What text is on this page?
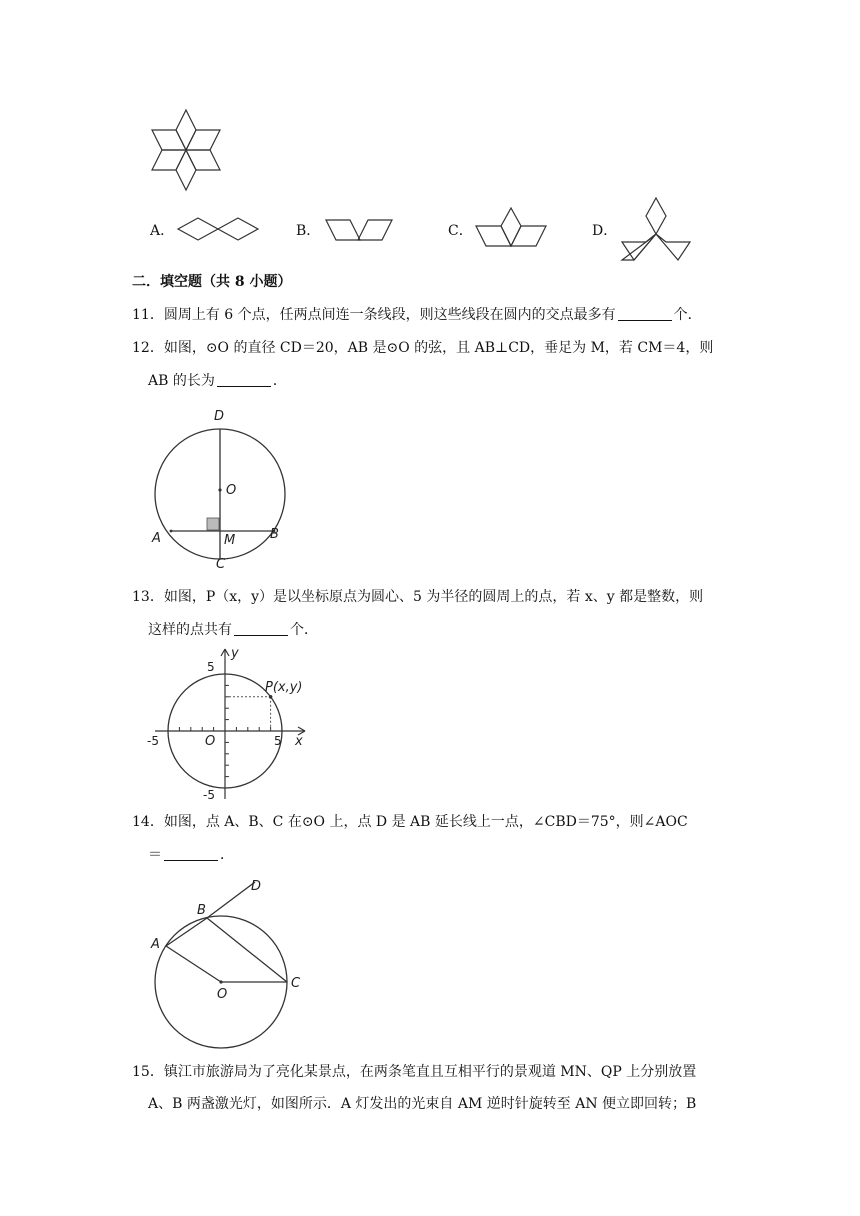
A．	B．	C．	D．
二．填空题（共 8 小题）
11．圆周上有 6 个点，任两点间连一条线段，则这些线段在圆内的交点最多有	个．
12．如图，⊙O 的直径 CD＝20，AB 是⊙O 的弦，且 AB⊥CD，垂足为 M，若 CM＝4，则
AB 的长为	．
D
O
A	M	B
C
13．如图，P（x，y）是以坐标原点为圆心、5 为半径的圆周上的点，若 x、y 都是整数，则
这样的点共有	个．
y
x
O
P(x,y)
5
5
-5
-5
14．如图，点 A、B、C 在⊙O 上，点 D 是 AB 延长线上一点，∠CBD＝75°，则∠AOC
＝	．
D
B
A
O
C
15．镇江市旅游局为了亮化某景点，在两条笔直且互相平行的景观道 MN、QP 上分别放置
A、B 两盏激光灯，如图所示．A 灯发出的光束自 AM 逆时针旋转至 AN 便立即回转；B
